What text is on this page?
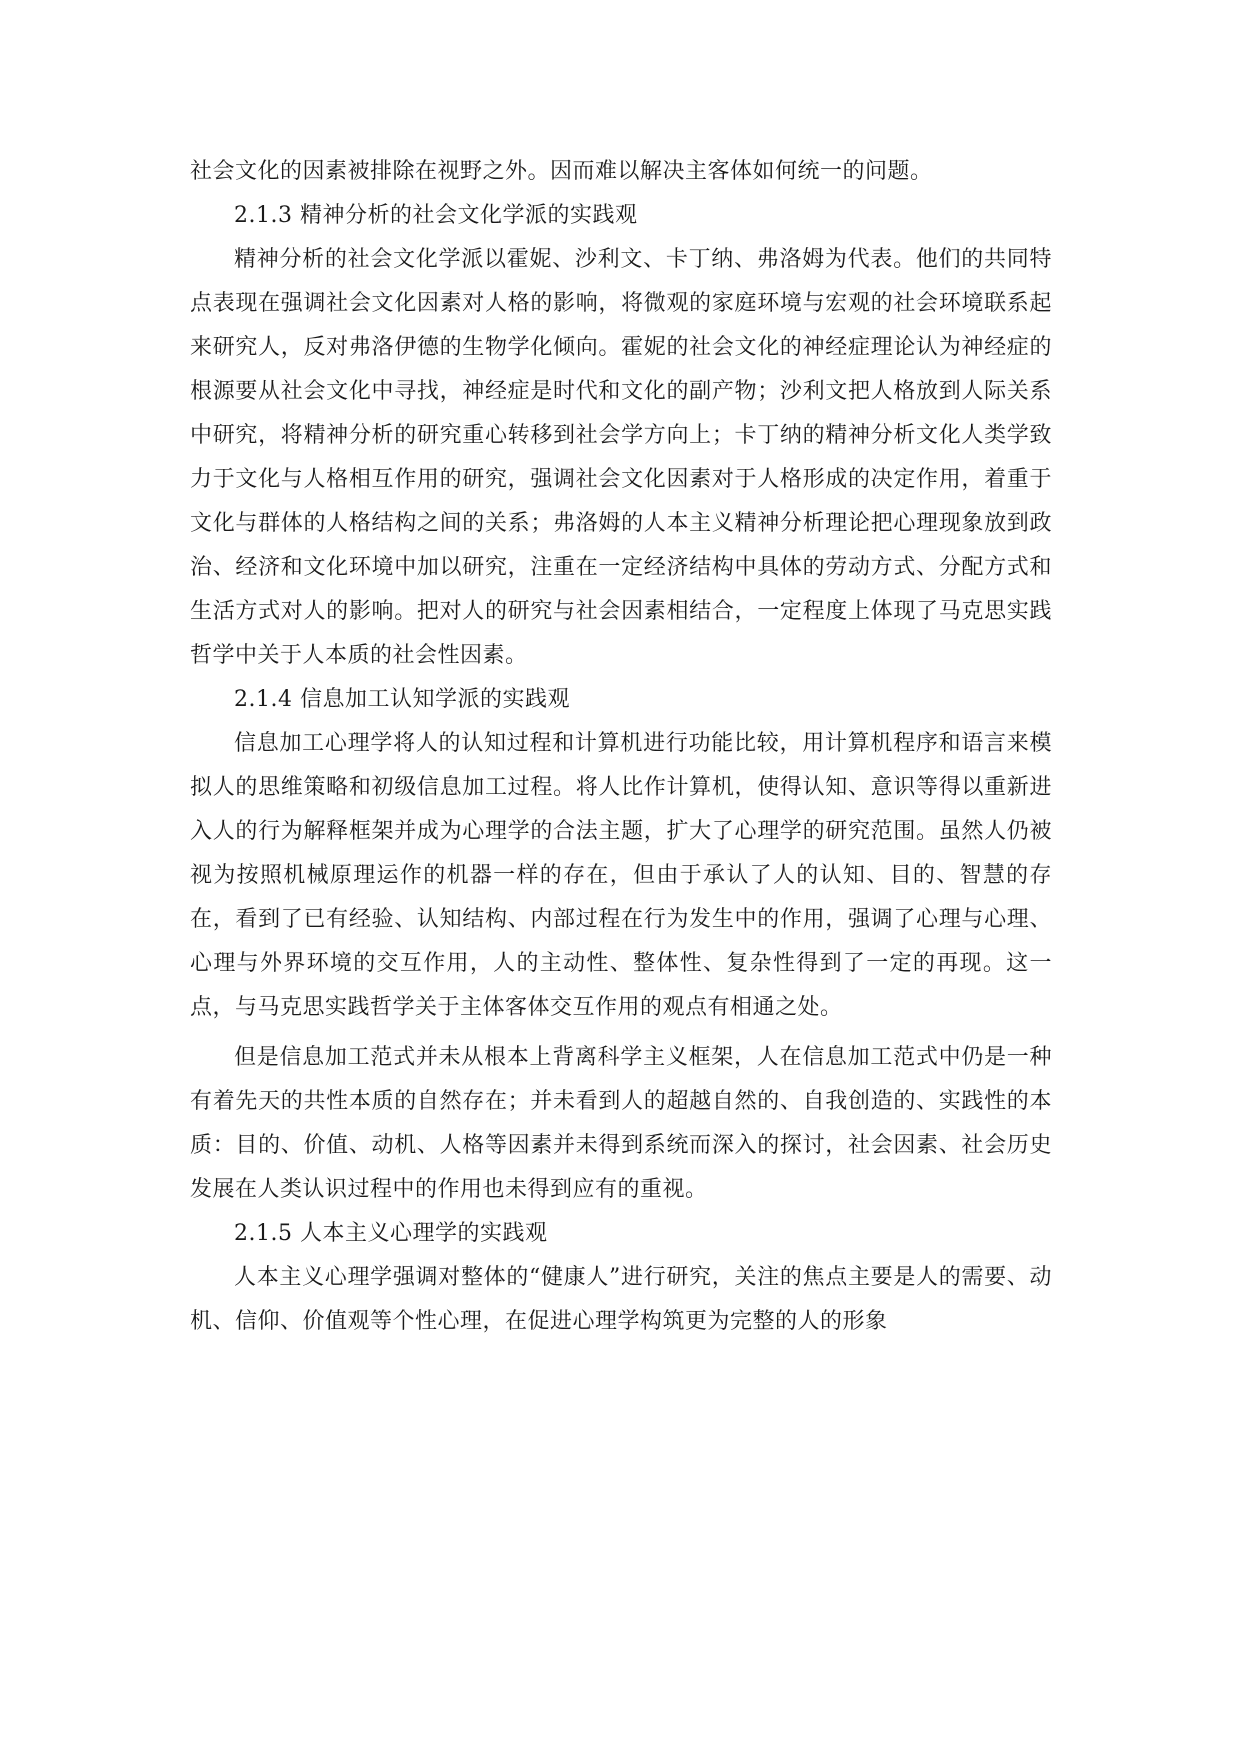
社会文化的因素被排除在视野之外。因而难以解决主客体如何统一的问题。

2.1.3 精神分析的社会文化学派的实践观

精神分析的社会文化学派以霍妮、沙利文、卡丁纳、弗洛姆为代表。他们的共同特点表现在强调社会文化因素对人格的影响，将微观的家庭环境与宏观的社会环境联系起来研究人，反对弗洛伊德的生物学化倾向。霍妮的社会文化的神经症理论认为神经症的根源要从社会文化中寻找，神经症是时代和文化的副产物；沙利文把人格放到人际关系中研究，将精神分析的研究重心转移到社会学方向上；卡丁纳的精神分析文化人类学致力于文化与人格相互作用的研究，强调社会文化因素对于人格形成的决定作用，着重于文化与群体的人格结构之间的关系；弗洛姆的人本主义精神分析理论把心理现象放到政治、经济和文化环境中加以研究，注重在一定经济结构中具体的劳动方式、分配方式和生活方式对人的影响。把对人的研究与社会因素相结合，一定程度上体现了马克思实践哲学中关于人本质的社会性因素。

2.1.4 信息加工认知学派的实践观

信息加工心理学将人的认知过程和计算机进行功能比较，用计算机程序和语言来模拟人的思维策略和初级信息加工过程。将人比作计算机，使得认知、意识等得以重新进入人的行为解释框架并成为心理学的合法主题，扩大了心理学的研究范围。虽然人仍被视为按照机械原理运作的机器一样的存在，但由于承认了人的认知、目的、智慧的存在，看到了已有经验、认知结构、内部过程在行为发生中的作用，强调了心理与心理、心理与外界环境的交互作用，人的主动性、整体性、复杂性得到了一定的再现。这一点，与马克思实践哲学关于主体客体交互作用的观点有相通之处。

但是信息加工范式并未从根本上背离科学主义框架，人在信息加工范式中仍是一种有着先天的共性本质的自然存在；并未看到人的超越自然的、自我创造的、实践性的本质：目的、价值、动机、人格等因素并未得到系统而深入的探讨，社会因素、社会历史发展在人类认识过程中的作用也未得到应有的重视。

2.1.5 人本主义心理学的实践观

人本主义心理学强调对整体的“健康人”进行研究，关注的焦点主要是人的需要、动机、信仰、价值观等个性心理，在促进心理学构筑更为完整的人的形象
